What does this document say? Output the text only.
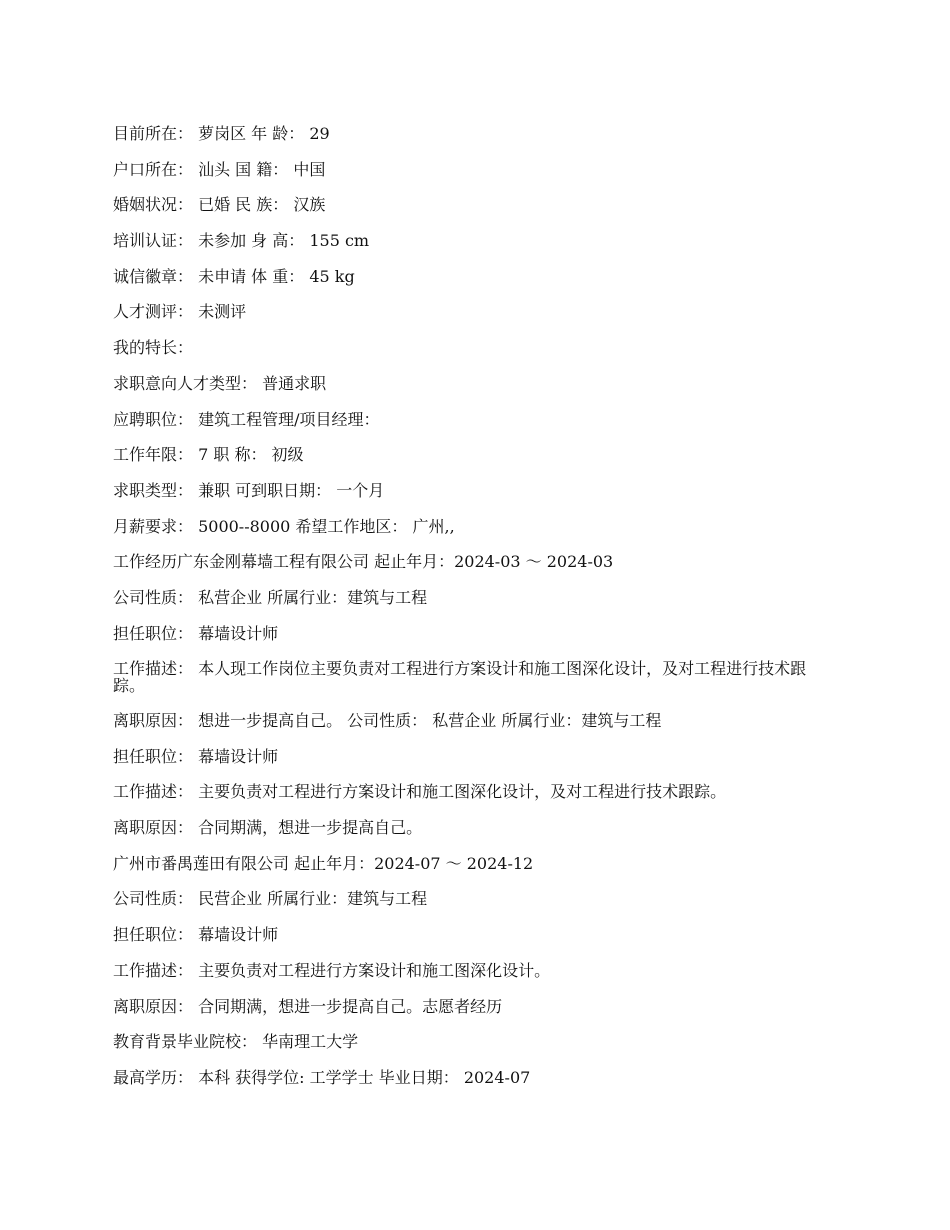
目前所在： 萝岗区 年 龄： 29
户口所在： 汕头 国 籍： 中国
婚姻状况： 已婚 民 族： 汉族
培训认证： 未参加 身 高： 155 cm
诚信徽章： 未申请 体 重： 45 kg
人才测评： 未测评
我的特长：
求职意向人才类型： 普通求职
应聘职位： 建筑工程管理/项目经理：
工作年限： 7 职 称： 初级
求职类型： 兼职 可到职日期： 一个月
月薪要求： 5000--8000 希望工作地区： 广州,,
工作经历广东金刚幕墙工程有限公司 起止年月：2024-03 ～ 2024-03
公司性质： 私营企业 所属行业：建筑与工程
担任职位： 幕墙设计师
工作描述： 本人现工作岗位主要负责对工程进行方案设计和施工图深化设计，及对工程进行技术跟踪。
离职原因： 想进一步提高自己。 公司性质： 私营企业 所属行业：建筑与工程
担任职位： 幕墙设计师
工作描述： 主要负责对工程进行方案设计和施工图深化设计，及对工程进行技术跟踪。
离职原因： 合同期满，想进一步提高自己。
广州市番禺莲田有限公司 起止年月：2024-07 ～ 2024-12
公司性质： 民营企业 所属行业：建筑与工程
担任职位： 幕墙设计师
工作描述： 主要负责对工程进行方案设计和施工图深化设计。
离职原因： 合同期满，想进一步提高自己。志愿者经历
教育背景毕业院校： 华南理工大学
最高学历： 本科 获得学位: 工学学士 毕业日期： 2024-07
